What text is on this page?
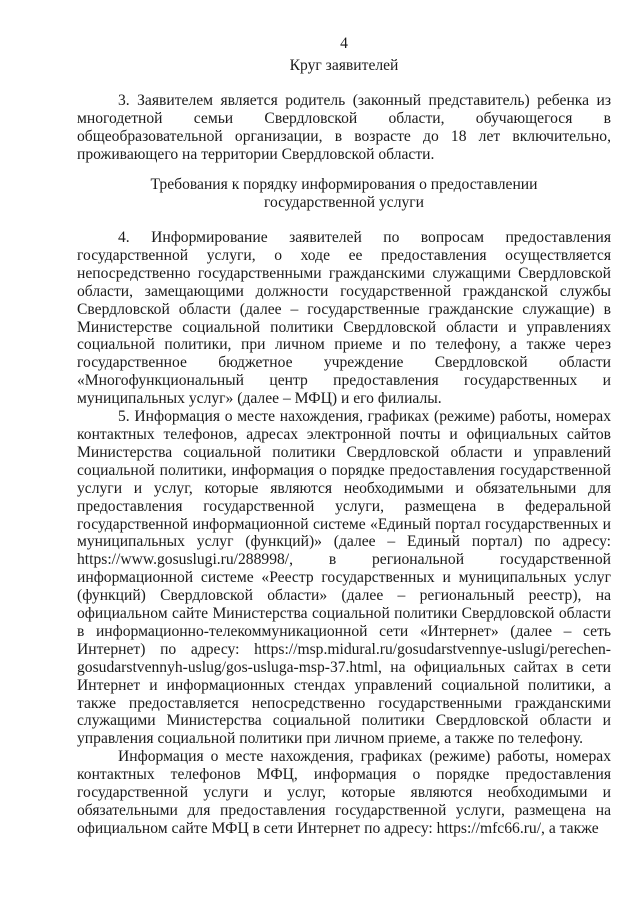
4
Круг заявителей

3. Заявителем является родитель (законный представитель) ребенка из многодетной семьи Свердловской области, обучающегося в общеобразовательной организации, в возрасте до 18 лет включительно, проживающего на территории Свердловской области.

Требования к порядку информирования о предоставлении
государственной услуги

4. Информирование заявителей по вопросам предоставления государственной услуги, о ходе ее предоставления осуществляется непосредственно государственными гражданскими служащими Свердловской области, замещающими должности государственной гражданской службы Свердловской области (далее – государственные гражданские служащие) в Министерстве социальной политики Свердловской области и управлениях социальной политики, при личном приеме и по телефону, а также через государственное бюджетное учреждение Свердловской области «Многофункциональный центр предоставления государственных и муниципальных услуг» (далее – МФЦ) и его филиалы.

5. Информация о месте нахождения, графиках (режиме) работы, номерах контактных телефонов, адресах электронной почты и официальных сайтов Министерства социальной политики Свердловской области и управлений социальной политики, информация о порядке предоставления государственной услуги и услуг, которые являются необходимыми и обязательными для предоставления государственной услуги, размещена в федеральной государственной информационной системе «Единый портал государственных и муниципальных услуг (функций)» (далее – Единый портал) по адресу: https://www.gosuslugi.ru/288998/, в региональной государственной информационной системе «Реестр государственных и муниципальных услуг (функций) Свердловской области» (далее – региональный реестр), на официальном сайте Министерства социальной политики Свердловской области в информационно-телекоммуникационной сети «Интернет» (далее – сеть Интернет) по адресу: https://msp.midural.ru/gosudarstvennye-uslugi/perechen-gosudarstvennyh-uslug/gos-usluga-msp-37.html, на официальных сайтах в сети Интернет и информационных стендах управлений социальной политики, а также предоставляется непосредственно государственными гражданскими служащими Министерства социальной политики Свердловской области и управления социальной политики при личном приеме, а также по телефону.

Информация о месте нахождения, графиках (режиме) работы, номерах контактных телефонов МФЦ, информация о порядке предоставления государственной услуги и услуг, которые являются необходимыми и обязательными для предоставления государственной услуги, размещена на официальном сайте МФЦ в сети Интернет по адресу: https://mfc66.ru/, а также
